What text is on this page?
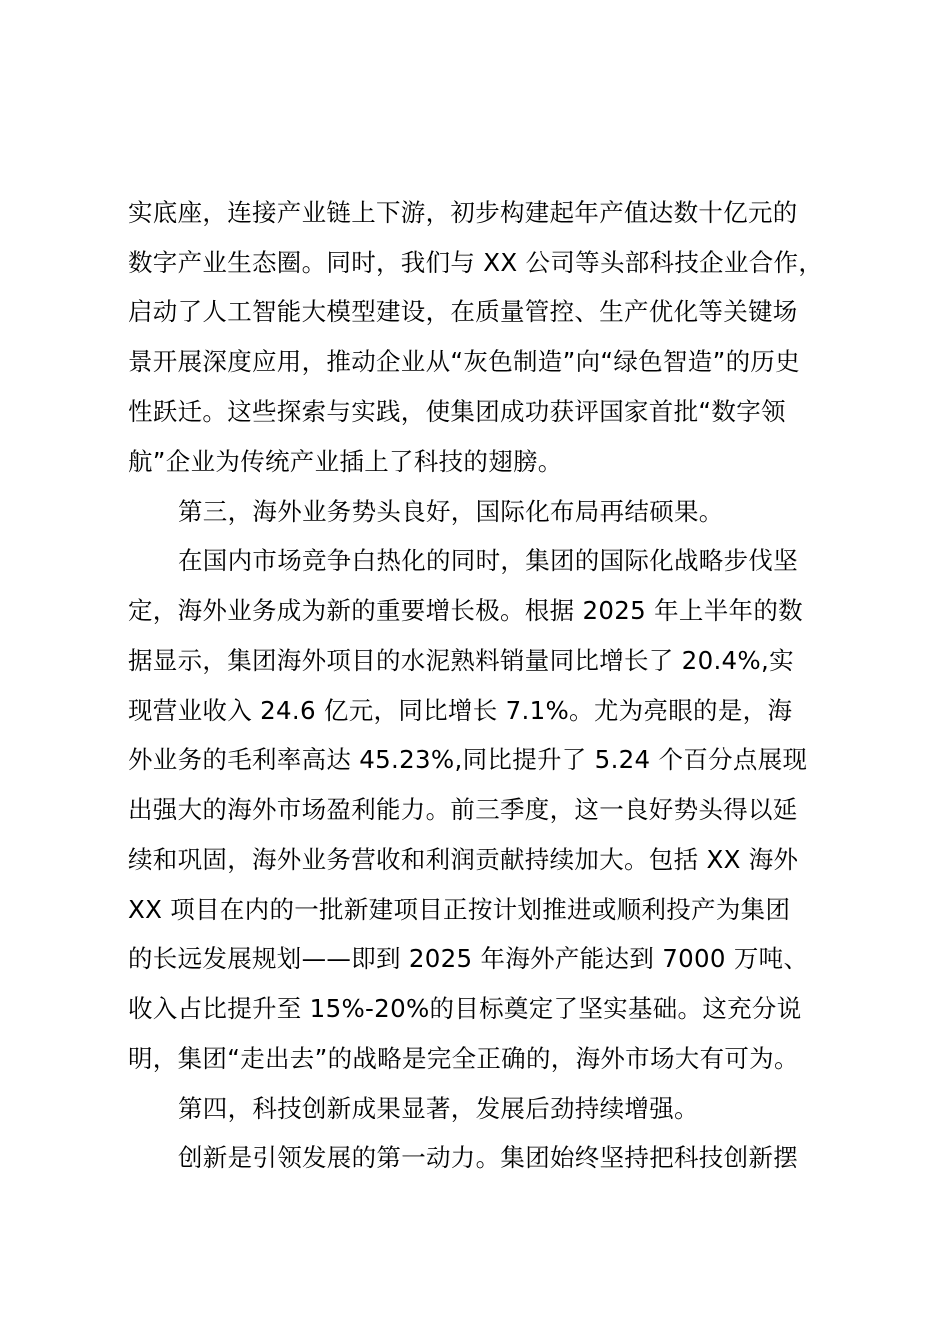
实底座，连接产业链上下游，初步构建起年产值达数十亿元的
数字产业生态圈。同时，我们与 XX 公司等头部科技企业合作，
启动了人工智能大模型建设，在质量管控、生产优化等关键场
景开展深度应用，推动企业从“灰色制造”向“绿色智造”的历史
性跃迁。这些探索与实践，使集团成功获评国家首批“数字领
航”企业为传统产业插上了科技的翅膀。
第三，海外业务势头良好，国际化布局再结硕果。
在国内市场竞争白热化的同时，集团的国际化战略步伐坚
定，海外业务成为新的重要增长极。根据 2025 年上半年的数
据显示，集团海外项目的水泥熟料销量同比增长了 20.4%,实
现营业收入 24.6 亿元，同比增长 7.1%。尤为亮眼的是，海
外业务的毛利率高达 45.23%,同比提升了 5.24 个百分点展现
出强大的海外市场盈利能力。前三季度，这一良好势头得以延
续和巩固，海外业务营收和利润贡献持续加大。包括 XX 海外
XX 项目在内的一批新建项目正按计划推进或顺利投产为集团
的长远发展规划——即到 2025 年海外产能达到 7000 万吨、
收入占比提升至 15%-20%的目标奠定了坚实基础。这充分说
明，集团“走出去”的战略是完全正确的，海外市场大有可为。
第四，科技创新成果显著，发展后劲持续增强。
创新是引领发展的第一动力。集团始终坚持把科技创新摆
